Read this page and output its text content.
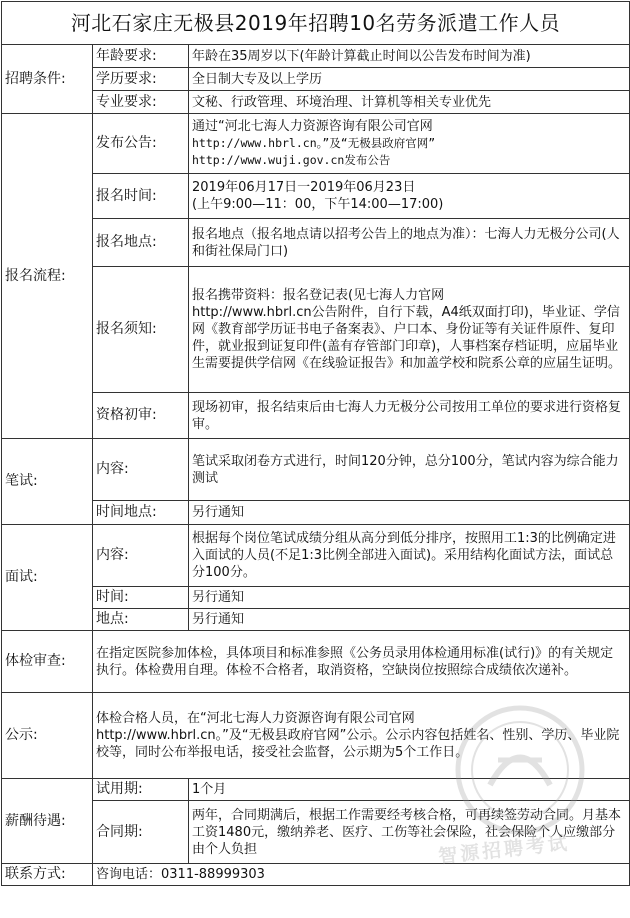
河北石家庄无极县2019年招聘10名劳务派遣工作人员		
招聘条件:	年龄要求:	年龄在35周岁以下(年龄计算截止时间以公告发布时间为准)
	学历要求:	全日制大专及以上学历
	专业要求:	文秘、行政管理、环境治理、计算机等相关专业优先
报名流程:	发布公告:	通过“河北七海人力资源咨询有限公司官网
http://www.hbrl.cn。”及“无极县政府官网”
http://www.wuji.gov.cn发布公告

	报名时间:	2019年06月17日一2019年06月23日
(上午9:00—11：00，下午14:00—17:00)

	报名地点:	报名地点（报名地点请以招考公告上的地点为准）：七海人力无极分公司(人和街社保局门口)
	报名须知:	报名携带资料：报名登记表(见七海人力官网
http://www.hbrl.cn公告附件，自行下载，A4纸双面打印)，毕业证、学信网《教育部学历证书电子备案表》、户口本、身份证等有关证件原件、复印件，就业报到证复印件(盖有存管部门印章)，人事档案存档证明，应届毕业生需要提供学信网《在线验证报告》和加盖学校和院系公章的应届生证明。

	资格初审:	现场初审，报名结束后由七海人力无极分公司按用工单位的要求进行资格复审。
笔试:	内容:	笔试采取闭卷方式进行，时间120分钟，总分100分，笔试内容为综合能力测试
	时间地点:	另行通知
面试:	内容:	根据每个岗位笔试成绩分组从高分到低分排序，按照用工1:3的比例确定进入面试的人员(不足1:3比例全部进入面试)。采用结构化面试方法，面试总分100分。
	时间:	另行通知
	地点:	另行通知
体检审查:	在指定医院参加体检，具体项目和标准参照《公务员录用体检通用标准(试行)》的有关规定执行。体检费用自理。体检不合格者，取消资格，空缺岗位按照综合成绩依次递补。	
公示:	体检合格人员，在“河北七海人力资源咨询有限公司官网
http://www.hbrl.cn。”及“无极县政府官网”公示。公示内容包括姓名、性别、学历、毕业院校等，同时公布举报电话，接受社会监督，公示期为5个工作日。	

薪酬待遇:	试用期:	1个月
	合同期:	两年，合同期满后，根据工作需要经考核合格，可再续签劳动合同。月基本工资1480元，缴纳养老、医疗、工伤等社会保险，社会保险个人应缴部分由个人负担
联系方式:	咨询电话：0311-88999303	
智源招聘考试
